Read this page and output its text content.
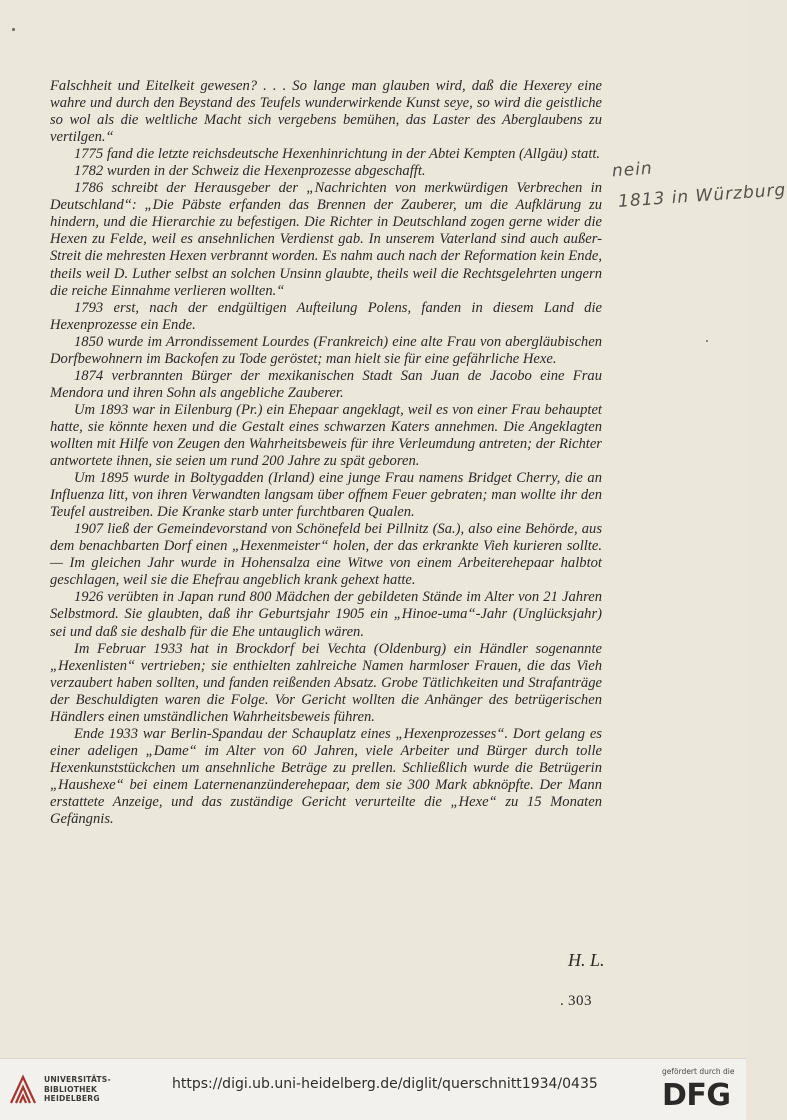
Falschheit und Eitelkeit gewesen? . . . So lange man glauben wird, daß die Hexerey eine wahre und durch den Beystand des Teufels wunderwirkende Kunst seye, so wird die geistliche so wol als die weltliche Macht sich vergebens bemühen, das Laster des Aberglaubens zu vertilgen.“

1775 fand die letzte reichsdeutsche Hexenhinrichtung in der Abtei Kempten (Allgäu) statt.

1782 wurden in der Schweiz die Hexenprozesse abgeschafft.

1786 schreibt der Herausgeber der „Nachrichten von merkwürdigen Verbrechen in Deutschland“: „Die Päbste erfanden das Brennen der Zauberer, um die Aufklärung zu hindern, und die Hierarchie zu befestigen. Die Richter in Deutschland zogen gerne wider die Hexen zu Felde, weil es ansehnlichen Verdienst gab. In unserem Vaterland sind auch außer-Streit die mehresten Hexen verbrannt worden. Es nahm auch nach der Reformation kein Ende, theils weil D. Luther selbst an solchen Unsinn glaubte, theils weil die Rechtsgelehrten ungern die reiche Einnahme verlieren wollten.“

1793 erst, nach der endgültigen Aufteilung Polens, fanden in diesem Land die Hexenprozesse ein Ende.

1850 wurde im Arrondissement Lourdes (Frankreich) eine alte Frau von abergläubischen Dorfbewohnern im Backofen zu Tode geröstet; man hielt sie für eine gefährliche Hexe.

1874 verbrannten Bürger der mexikanischen Stadt San Juan de Jacobo eine Frau Mendora und ihren Sohn als angebliche Zauberer.

Um 1893 war in Eilenburg (Pr.) ein Ehepaar angeklagt, weil es von einer Frau behauptet hatte, sie könnte hexen und die Gestalt eines schwarzen Katers annehmen. Die Angeklagten wollten mit Hilfe von Zeugen den Wahrheitsbeweis für ihre Verleumdung antreten; der Richter antwortete ihnen, sie seien um rund 200 Jahre zu spät geboren.

Um 1895 wurde in Boltygadden (Irland) eine junge Frau namens Bridget Cherry, die an Influenza litt, von ihren Verwandten langsam über offnem Feuer gebraten; man wollte ihr den Teufel austreiben. Die Kranke starb unter furchtbaren Qualen.

1907 ließ der Gemeindevorstand von Schönefeld bei Pillnitz (Sa.), also eine Behörde, aus dem benachbarten Dorf einen „Hexenmeister“ holen, der das erkrankte Vieh kurieren sollte. — Im gleichen Jahr wurde in Hohensalza eine Witwe von einem Arbeiterehepaar halbtot geschlagen, weil sie die Ehefrau angeblich krank gehext hatte.

1926 verübten in Japan rund 800 Mädchen der gebildeten Stände im Alter von 21 Jahren Selbstmord. Sie glaubten, daß ihr Geburtsjahr 1905 ein „Hinoe-uma“-Jahr (Unglücksjahr) sei und daß sie deshalb für die Ehe untauglich wären.

Im Februar 1933 hat in Brockdorf bei Vechta (Oldenburg) ein Händler sogenannte „Hexenlisten“ vertrieben; sie enthielten zahlreiche Namen harmloser Frauen, die das Vieh verzaubert haben sollten, und fanden reißenden Absatz. Grobe Tätlichkeiten und Strafanträge der Beschuldigten waren die Folge. Vor Gericht wollten die Anhänger des betrügerischen Händlers einen umständlichen Wahrheitsbeweis führen.

Ende 1933 war Berlin-Spandau der Schauplatz eines „Hexenprozesses“. Dort gelang es einer adeligen „Dame“ im Alter von 60 Jahren, viele Arbeiter und Bürger durch tolle Hexenkunststückchen um ansehnliche Beträge zu prellen. Schließlich wurde die Betrügerin „Haushexe“ bei einem Laternenanzünderehepaar, dem sie 300 Mark abknöpfte. Der Mann erstattete Anzeige, und das zuständige Gericht verurteilte die „Hexe“ zu 15 Monaten Gefängnis.

nein
1813 in Würzburg
H. L.
. 303
UNIVERSITÄTS-
BIBLIOTHEK
HEIDELBERG
https://digi.ub.uni-heidelberg.de/diglit/querschnitt1934/0435
gefördert durch die
DFG
